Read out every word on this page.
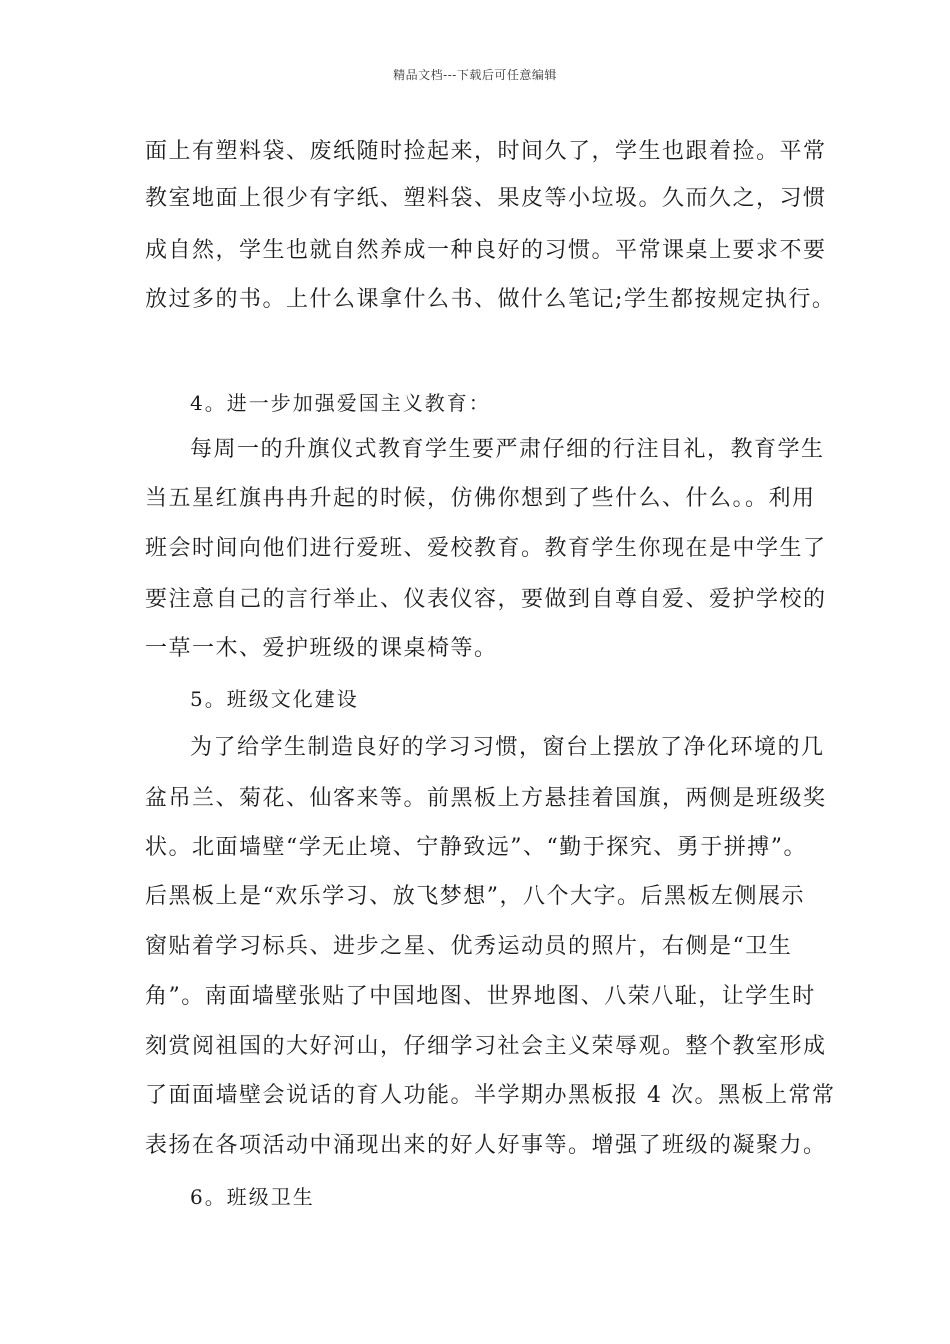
精品文档---下载后可任意编辑
面上有塑料袋、废纸随时捡起来，时间久了，学生也跟着捡。平常
教室地面上很少有字纸、塑料袋、果皮等小垃圾。久而久之，习惯
成自然，学生也就自然养成一种良好的习惯。平常课桌上要求不要
放过多的书。上什么课拿什么书、做什么笔记;学生都按规定执行。
4。进一步加强爱国主义教育：
每周一的升旗仪式教育学生要严肃仔细的行注目礼，教育学生
当五星红旗冉冉升起的时候，仿佛你想到了些什么、什么。。利用
班会时间向他们进行爱班、爱校教育。教育学生你现在是中学生了
要注意自己的言行举止、仪表仪容，要做到自尊自爱、爱护学校的
一草一木、爱护班级的课桌椅等。
5。班级文化建设
为了给学生制造良好的学习习惯，窗台上摆放了净化环境的几
盆吊兰、菊花、仙客来等。前黑板上方悬挂着国旗，两侧是班级奖
状。北面墙壁“学无止境、宁静致远”、“勤于探究、勇于拼搏”。
后黑板上是“欢乐学习、放飞梦想”，八个大字。后黑板左侧展示
窗贴着学习标兵、进步之星、优秀运动员的照片，右侧是“卫生
角”。南面墙壁张贴了中国地图、世界地图、八荣八耻，让学生时
刻赏阅祖国的大好河山，仔细学习社会主义荣辱观。整个教室形成
了面面墙壁会说话的育人功能。半学期办黑板报 4 次。黑板上常常
表扬在各项活动中涌现出来的好人好事等。增强了班级的凝聚力。
6。班级卫生
